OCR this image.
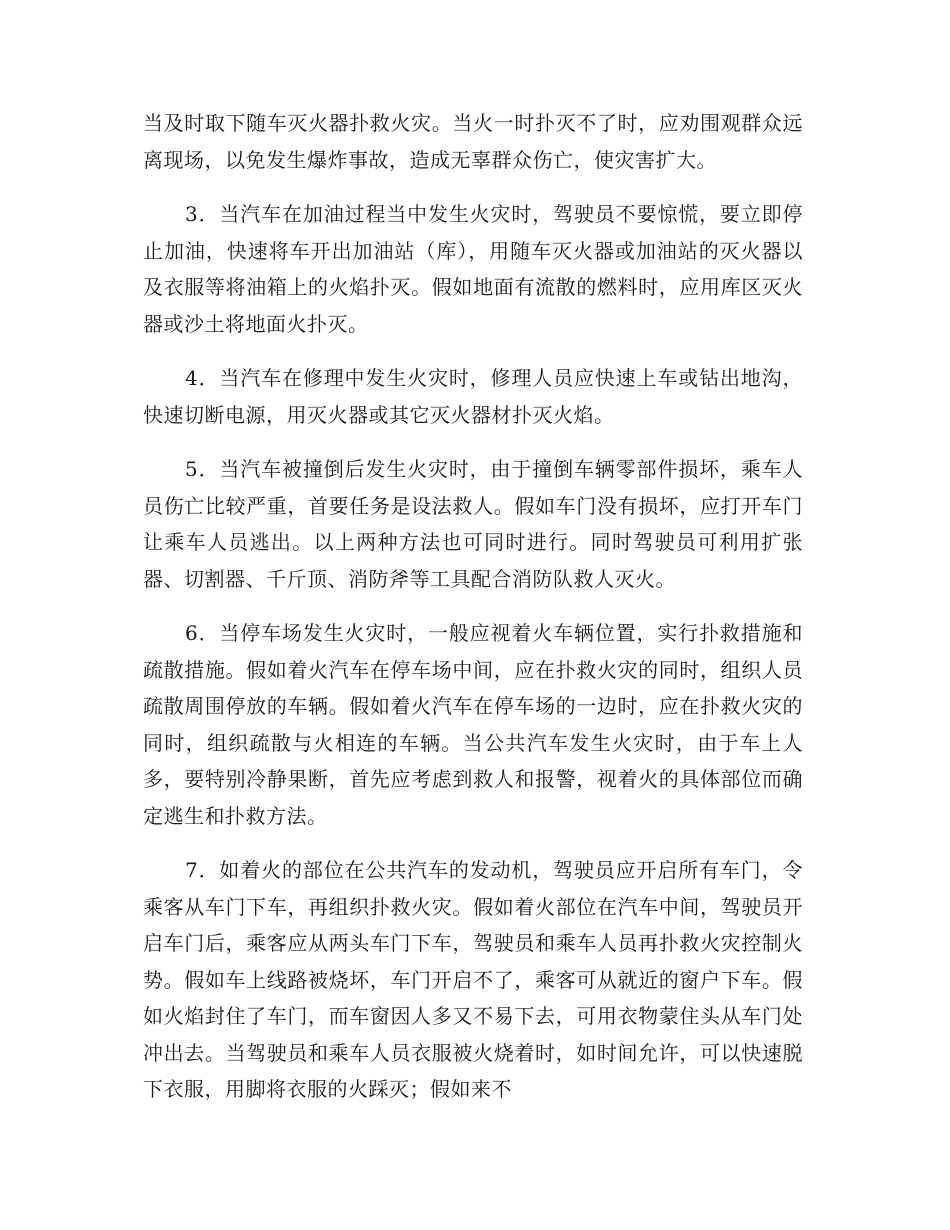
当及时取下随车灭火器扑救火灾。当火一时扑灭不了时，应劝围观群众远离现场，以免发生爆炸事故，造成无辜群众伤亡，使灾害扩大。

3．当汽车在加油过程当中发生火灾时，驾驶员不要惊慌，要立即停止加油，快速将车开出加油站（库），用随车灭火器或加油站的灭火器以及衣服等将油箱上的火焰扑灭。假如地面有流散的燃料时，应用库区灭火器或沙土将地面火扑灭。

4．当汽车在修理中发生火灾时，修理人员应快速上车或钻出地沟，快速切断电源，用灭火器或其它灭火器材扑灭火焰。

5．当汽车被撞倒后发生火灾时，由于撞倒车辆零部件损坏，乘车人员伤亡比较严重，首要任务是设法救人。假如车门没有损坏，应打开车门让乘车人员逃出。以上两种方法也可同时进行。同时驾驶员可利用扩张器、切割器、千斤顶、消防斧等工具配合消防队救人灭火。

6．当停车场发生火灾时，一般应视着火车辆位置，实行扑救措施和疏散措施。假如着火汽车在停车场中间，应在扑救火灾的同时，组织人员疏散周围停放的车辆。假如着火汽车在停车场的一边时，应在扑救火灾的同时，组织疏散与火相连的车辆。当公共汽车发生火灾时，由于车上人多，要特别冷静果断，首先应考虑到救人和报警，视着火的具体部位而确定逃生和扑救方法。

7．如着火的部位在公共汽车的发动机，驾驶员应开启所有车门，令乘客从车门下车，再组织扑救火灾。假如着火部位在汽车中间，驾驶员开启车门后，乘客应从两头车门下车，驾驶员和乘车人员再扑救火灾控制火势。假如车上线路被烧坏，车门开启不了，乘客可从就近的窗户下车。假如火焰封住了车门，而车窗因人多又不易下去，可用衣物蒙住头从车门处冲出去。当驾驶员和乘车人员衣服被火烧着时，如时间允许，可以快速脱下衣服，用脚将衣服的火踩灭；假如来不
